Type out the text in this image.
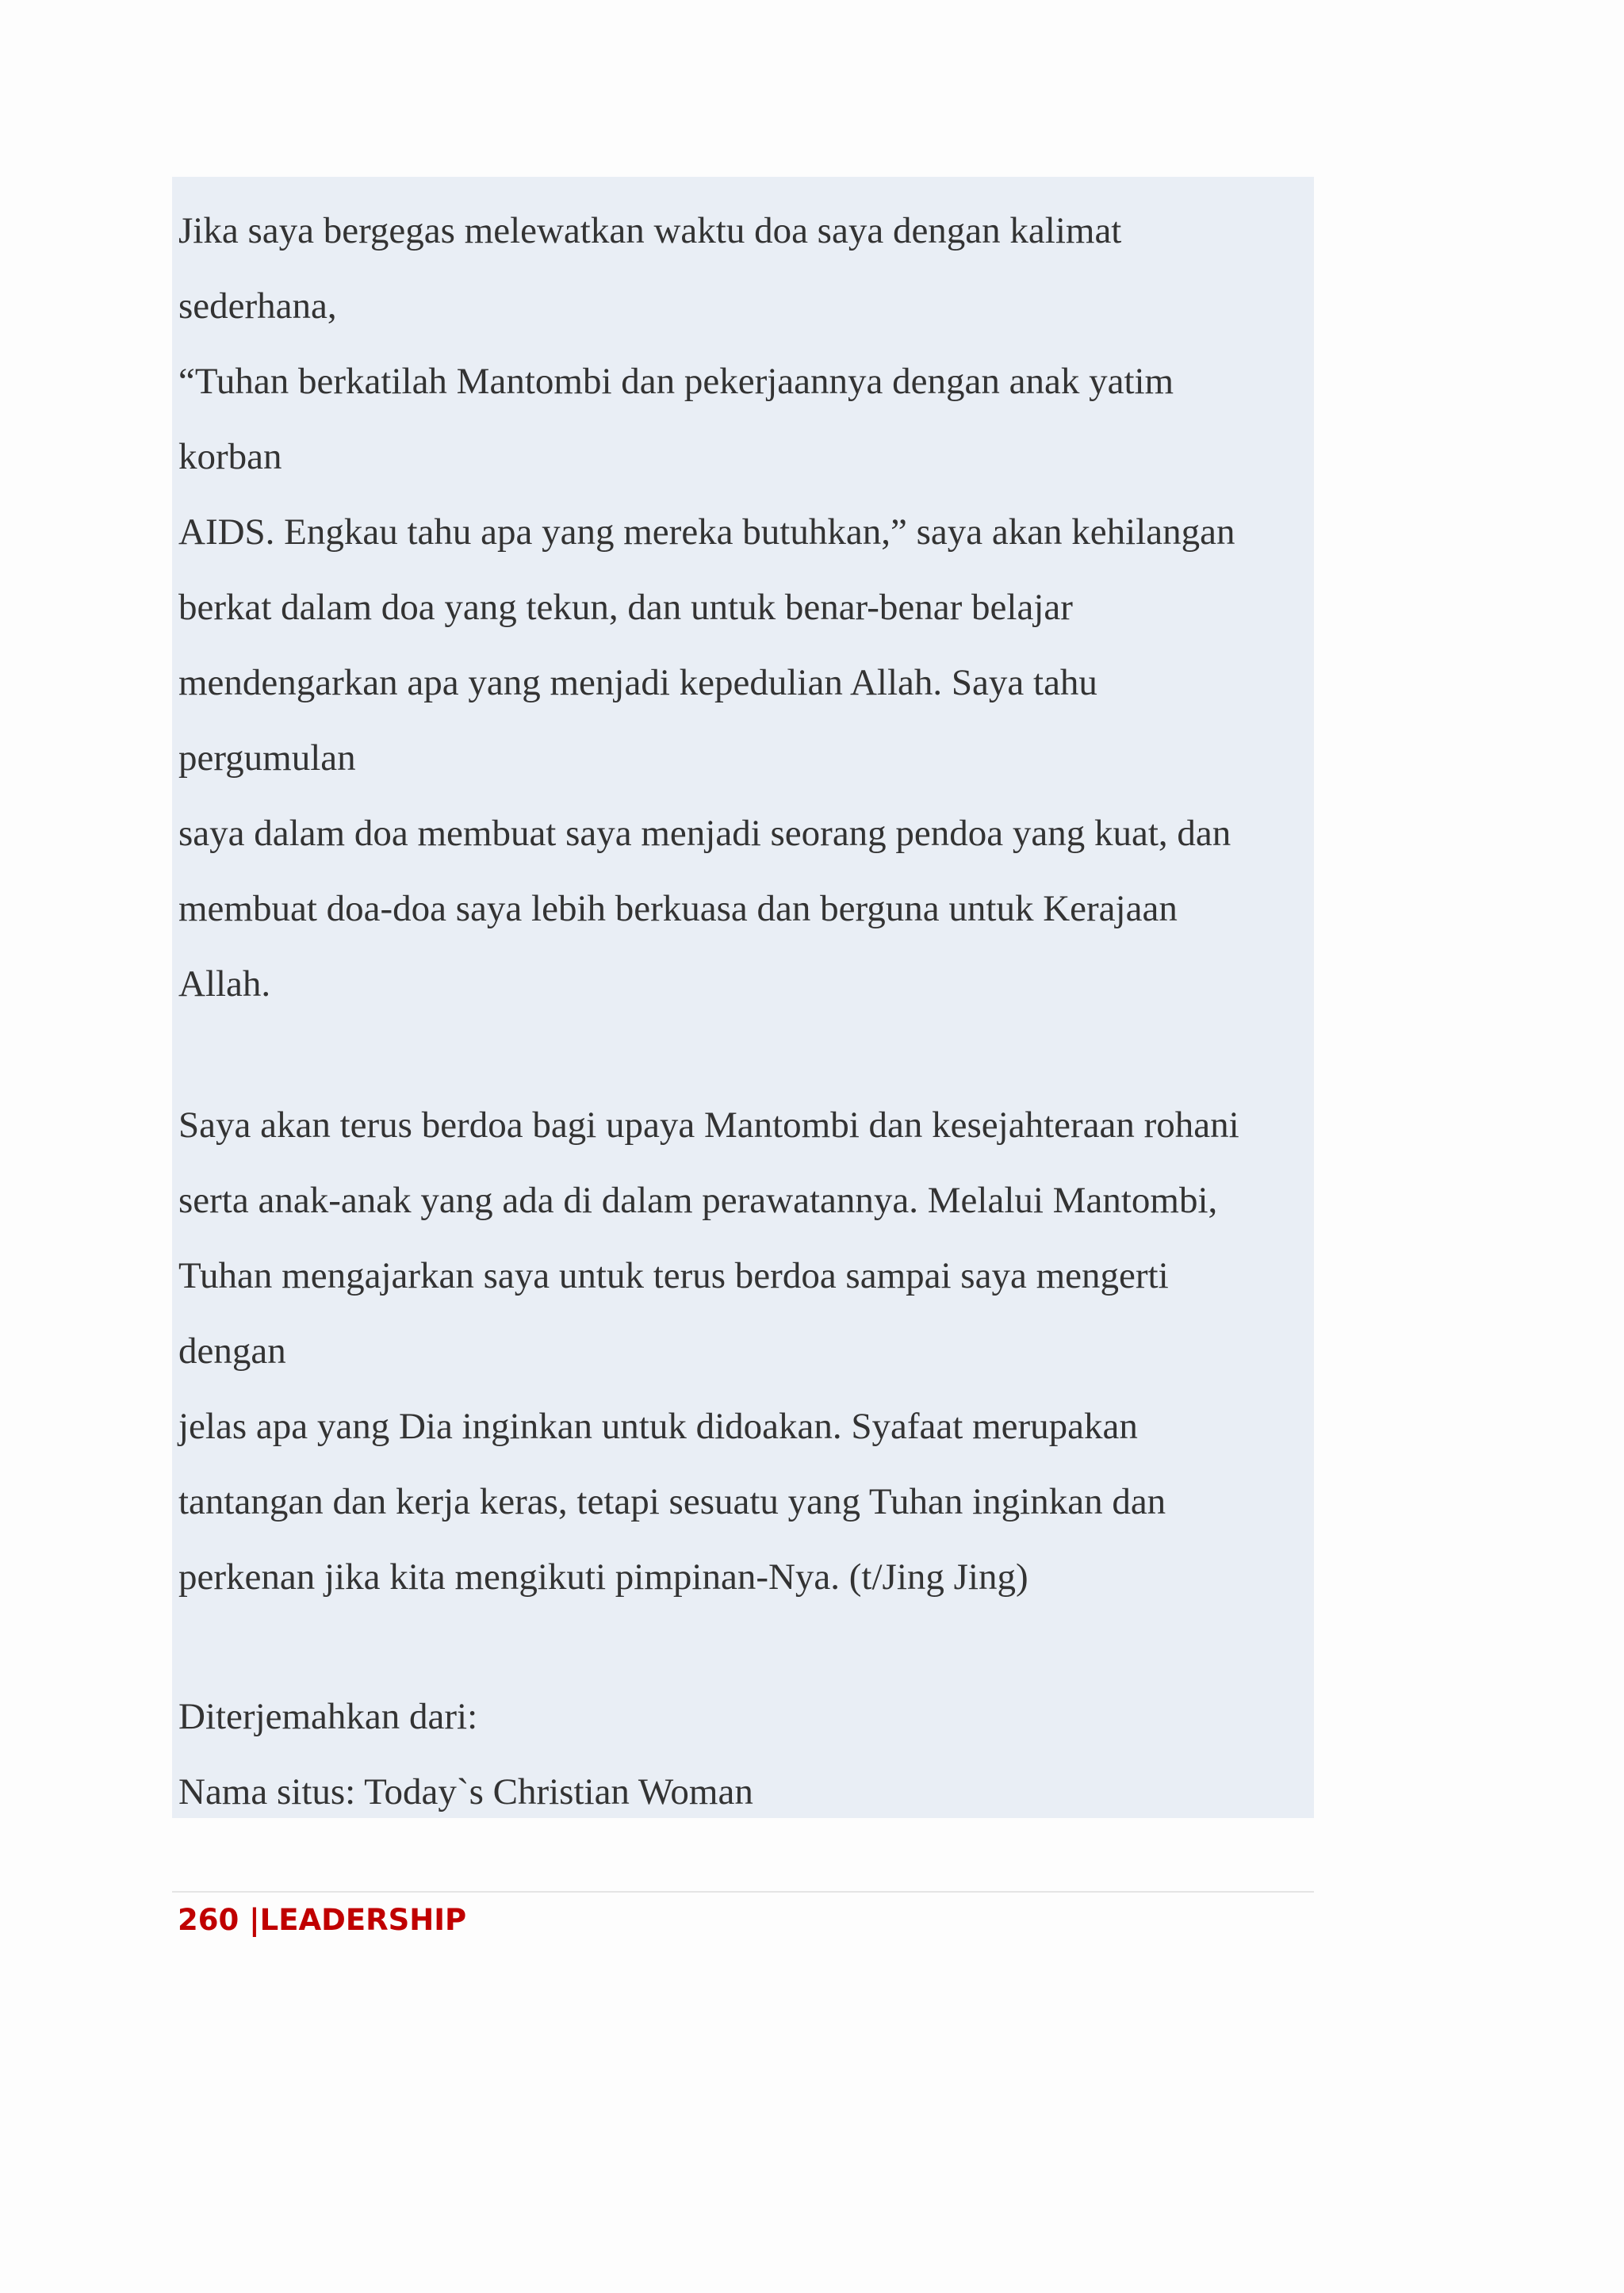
Jika saya bergegas melewatkan waktu doa saya dengan kalimat
sederhana,
“Tuhan berkatilah Mantombi dan pekerjaannya dengan anak yatim
korban
AIDS. Engkau tahu apa yang mereka butuhkan,” saya akan kehilangan
berkat dalam doa yang tekun, dan untuk benar-benar belajar
mendengarkan apa yang menjadi kepedulian Allah. Saya tahu
pergumulan
saya dalam doa membuat saya menjadi seorang pendoa yang kuat, dan
membuat doa-doa saya lebih berkuasa dan berguna untuk Kerajaan
Allah.
Saya akan terus berdoa bagi upaya Mantombi dan kesejahteraan rohani
serta anak-anak yang ada di dalam perawatannya. Melalui Mantombi,
Tuhan mengajarkan saya untuk terus berdoa sampai saya mengerti
dengan
jelas apa yang Dia inginkan untuk didoakan. Syafaat merupakan
tantangan dan kerja keras, tetapi sesuatu yang Tuhan inginkan dan
perkenan jika kita mengikuti pimpinan-Nya. (t/Jing Jing)
Diterjemahkan dari:
Nama situs: Today`s Christian Woman
260 |LEADERSHIP
